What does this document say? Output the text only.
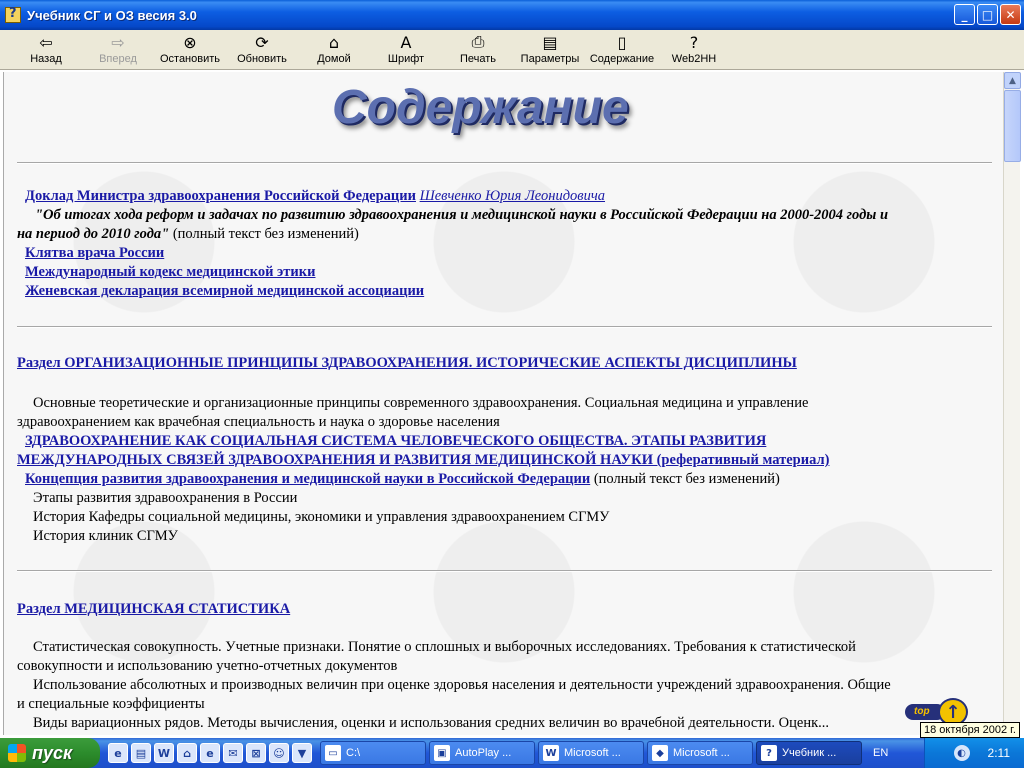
?
Учебник СГ и ОЗ весия 3.0	_	□	✕
⇦
Назад
⇨
Вперед
⊗
Остановить
⟳
Обновить
⌂
Домой
A
Шрифт
⎙
Печать
▤
Параметры
▯
Содержание
?
Web2HH
Содержание
Доклад Министра здравоохранения Российской Федерации Шевченко Юрия Леонидовича
"Об итогах хода реформ и задачах по развитию здравоохранения и медицинской науки в Российской Федерации на 2000-2004 годы и
на период до 2010 года" (полный текст без изменений)
Клятва врача России
Международный кодекс медицинской этики
Женевская декларация всемирной медицинской ассоциации
Раздел ОРГАНИЗАЦИОННЫЕ ПРИНЦИПЫ ЗДРАВООХРАНЕНИЯ. ИСТОРИЧЕСКИЕ АСПЕКТЫ ДИСЦИПЛИНЫ
Основные теоретические и организационные принципы современного здравоохранения. Социальная медицина и управление
здравоохранением как врачебная специальность и наука о здоровье населения
ЗДРАВООХРАНЕНИЕ КАК СОЦИАЛЬНАЯ СИСТЕМА ЧЕЛОВЕЧЕСКОГО ОБЩЕСТВА. ЭТАПЫ РАЗВИТИЯ
МЕЖДУНАРОДНЫХ СВЯЗЕЙ ЗДРАВООХРАНЕНИЯ И РАЗВИТИЯ МЕДИЦИНСКОЙ НАУКИ (реферативный материал)
Концепция развития здравоохранения и медицинской науки в Российской Федерации (полный текст без изменений)
Этапы развития здравоохранения в России
История Кафедры социальной медицины, экономики и управления здравоохранением СГМУ
История клиник СГМУ
Раздел МЕДИЦИНСКАЯ СТАТИСТИКА
Статистическая совокупность. Учетные признаки. Понятие о сплошных и выборочных исследованиях. Требования к статистической
совокупности и использованию учетно-отчетных документов
Использование абсолютных и производных величин при оценке здоровья населения и деятельности учреждений здравоохранения. Общие
и специальные коэффициенты
Виды вариационных рядов. Методы вычисления, оценки и использования средних величин во врачебной деятельности. Оценк...
▲
top ↑
18 октября 2002 г.
пуск	e	▤	W	⌂	e	✉	⊠	☺	▼	▭ C:\	▣ AutoPlay ...	W Microsoft ...	◆ Microsoft ...	? Учебник ...	EN	◐	2:11
